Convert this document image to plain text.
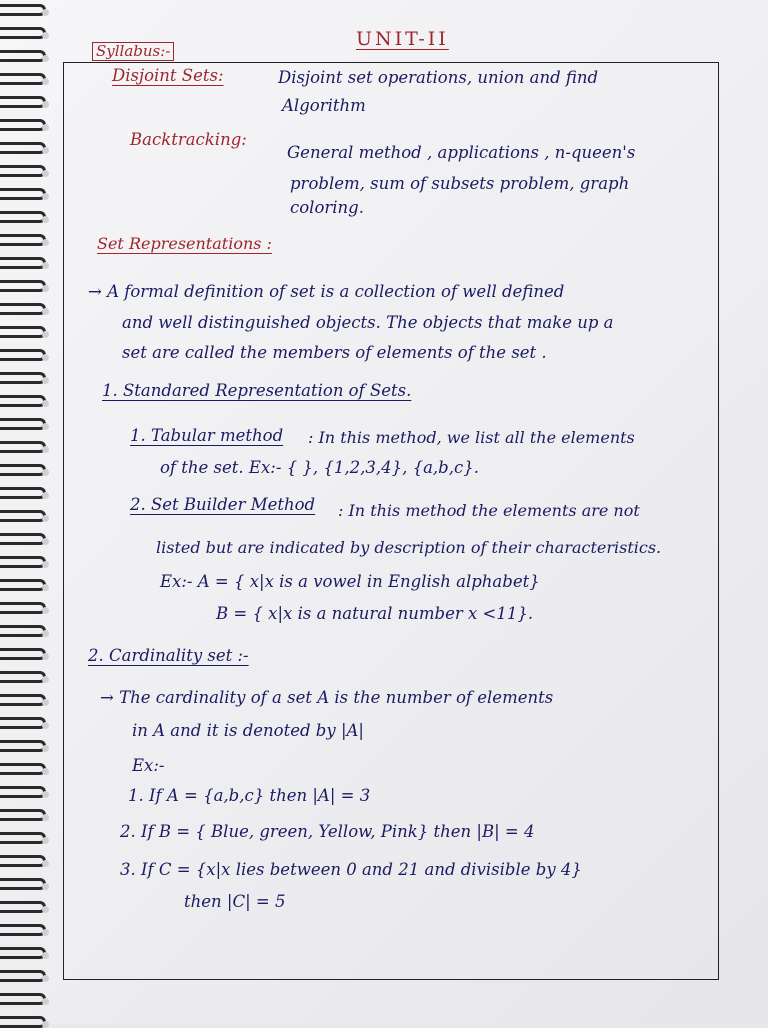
UNIT-II
Syllabus:-
Disjoint Sets:	Disjoint set operations, union and find
Algorithm
Backtracking:
General method , applications , n-queen's
problem, sum of subsets problem, graph
coloring.
Set Representations :
→ A formal definition of set is a collection of well defined
and well distinguished objects. The objects that make up a
set are called the members of elements of the set .
1. Standared Representation of Sets.
1. Tabular method : In this method, we list all the elements
of the set. Ex:- { }, {1,2,3,4}, {a,b,c}.
2. Set Builder Method : In this method the elements are not
listed but are indicated by description of their characteristics.
Ex:- A = { x|x is a vowel in English alphabet}
B = { x|x is a natural number x <11}.
2. Cardinality set :-
→ The cardinality of a set A is the number of elements
in A and it is denoted by |A|
Ex:-
1. If A = {a,b,c} then |A| = 3
2. If B = { Blue, green, Yellow, Pink} then |B| = 4
3. If C = {x|x lies between 0 and 21 and divisible by 4}
then |C| = 5
